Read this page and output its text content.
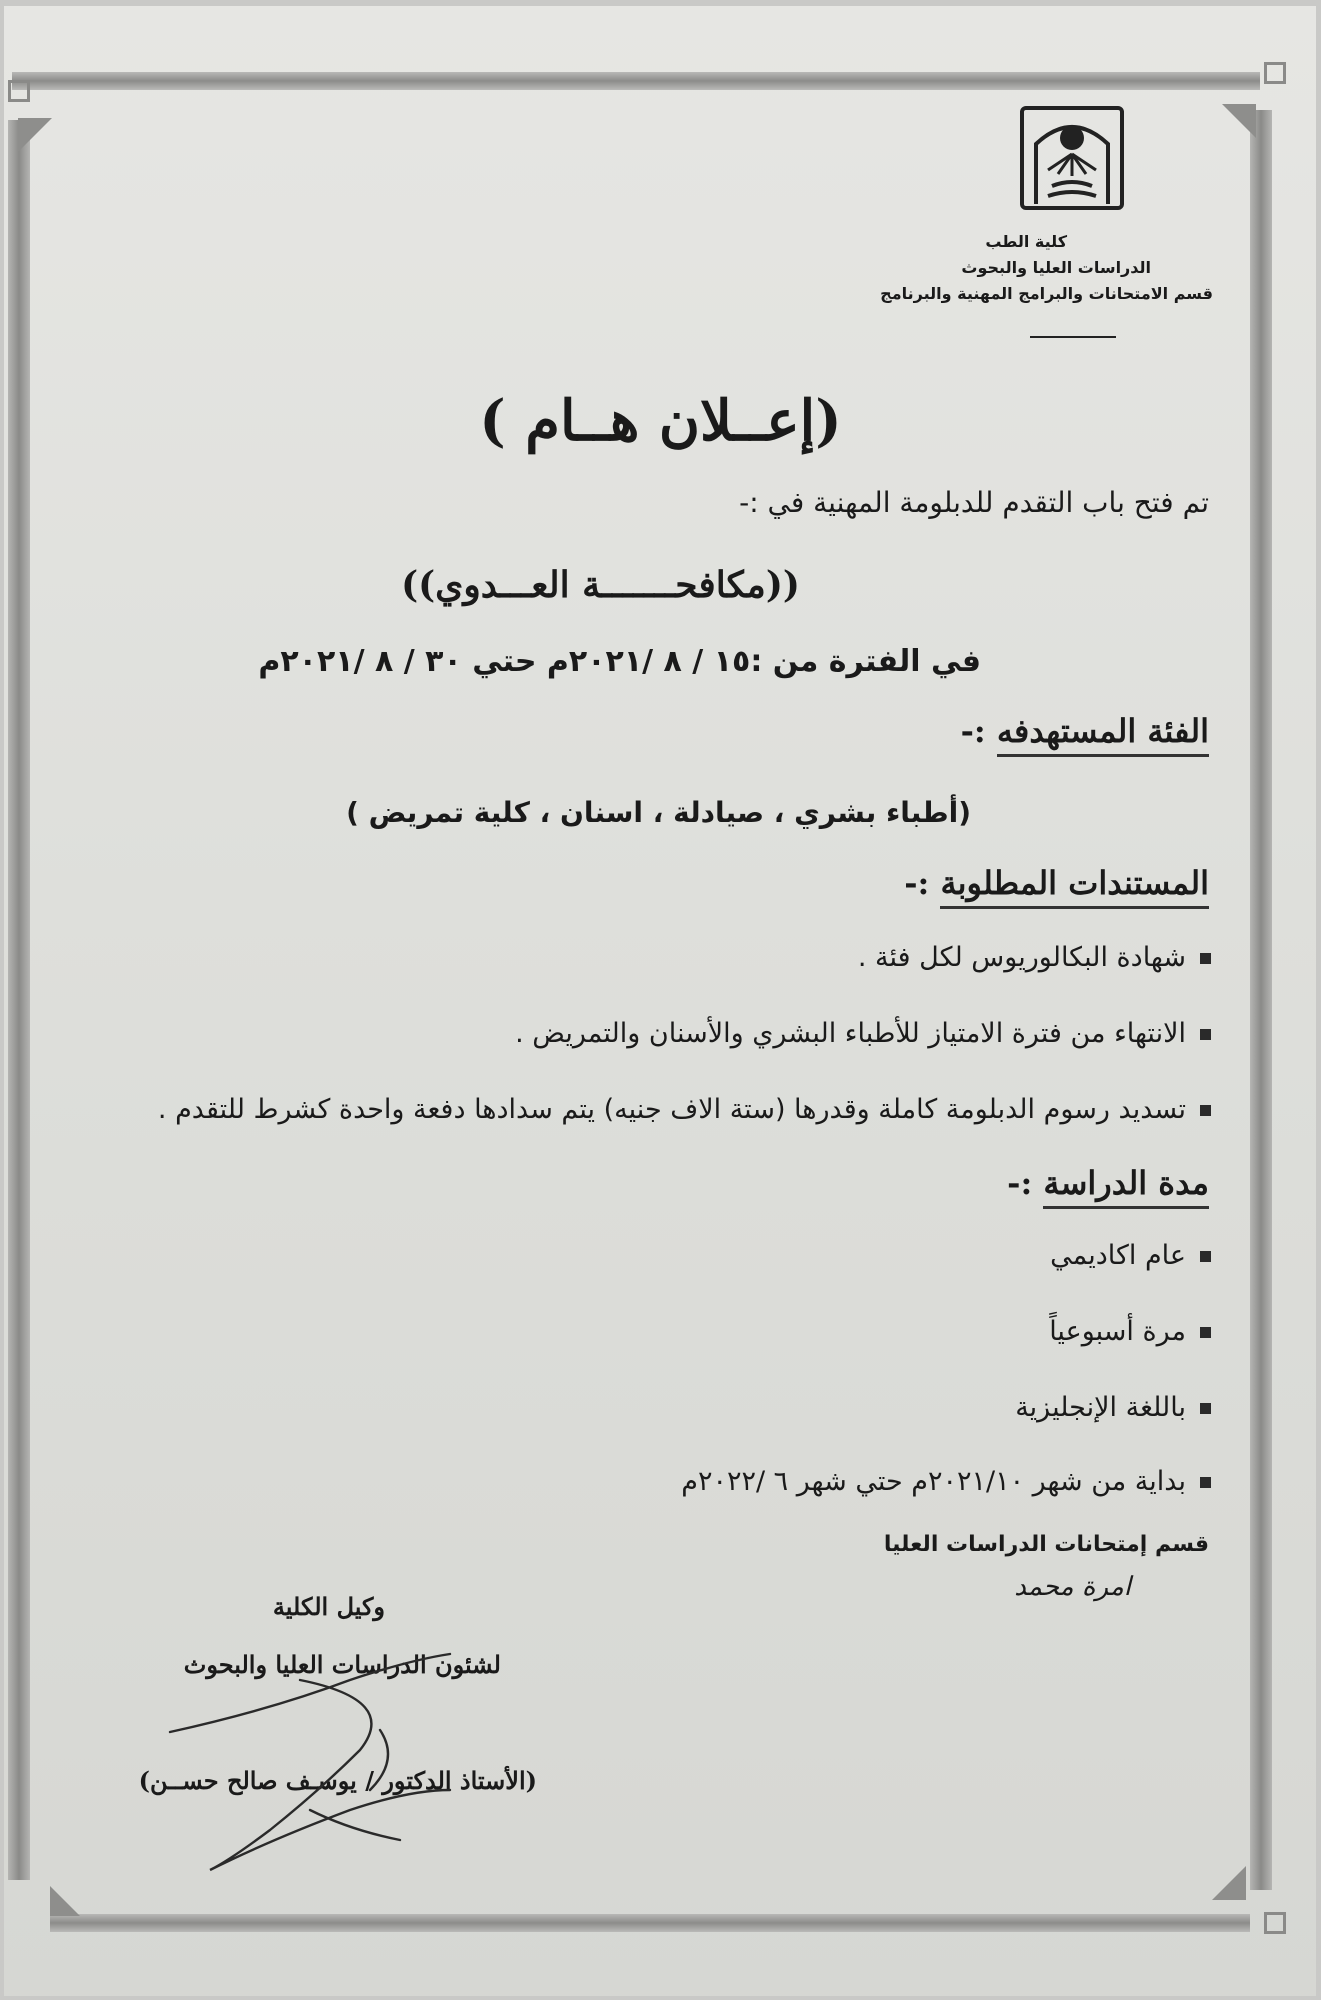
كلية الطب
الدراسات العليا والبحوث
قسم الامتحانات والبرامج المهنية والبرنامج
(إعــلان هــام )
تم فتح باب التقدم للدبلومة المهنية في :-
((مكافحـــــــة العـــدوي))
في الفترة من :١٥ / ٨ /٢٠٢١م حتي ٣٠ / ٨ /٢٠٢١م
الفئة المستهدفه :-
(أطباء بشري ، صيادلة ، اسنان ، كلية تمريض )
المستندات المطلوبة :-
شهادة البكالوريوس لكل فئة .
الانتهاء من فترة الامتياز للأطباء البشري والأسنان والتمريض .
تسديد رسوم الدبلومة كاملة وقدرها (ستة الاف جنيه) يتم سدادها دفعة واحدة كشرط للتقدم .
مدة الدراسة :-
عام اكاديمي
مرة أسبوعياً
باللغة الإنجليزية
بداية من شهر ٢٠٢١/١٠م حتي شهر ٦ /٢٠٢٢م
قسم إمتحانات الدراسات العليا
امرة محمد
وكيل الكلية
لشئون الدراسات العليا والبحوث
(الأستاذ الدكتور / يوسـف صالح حســن)
